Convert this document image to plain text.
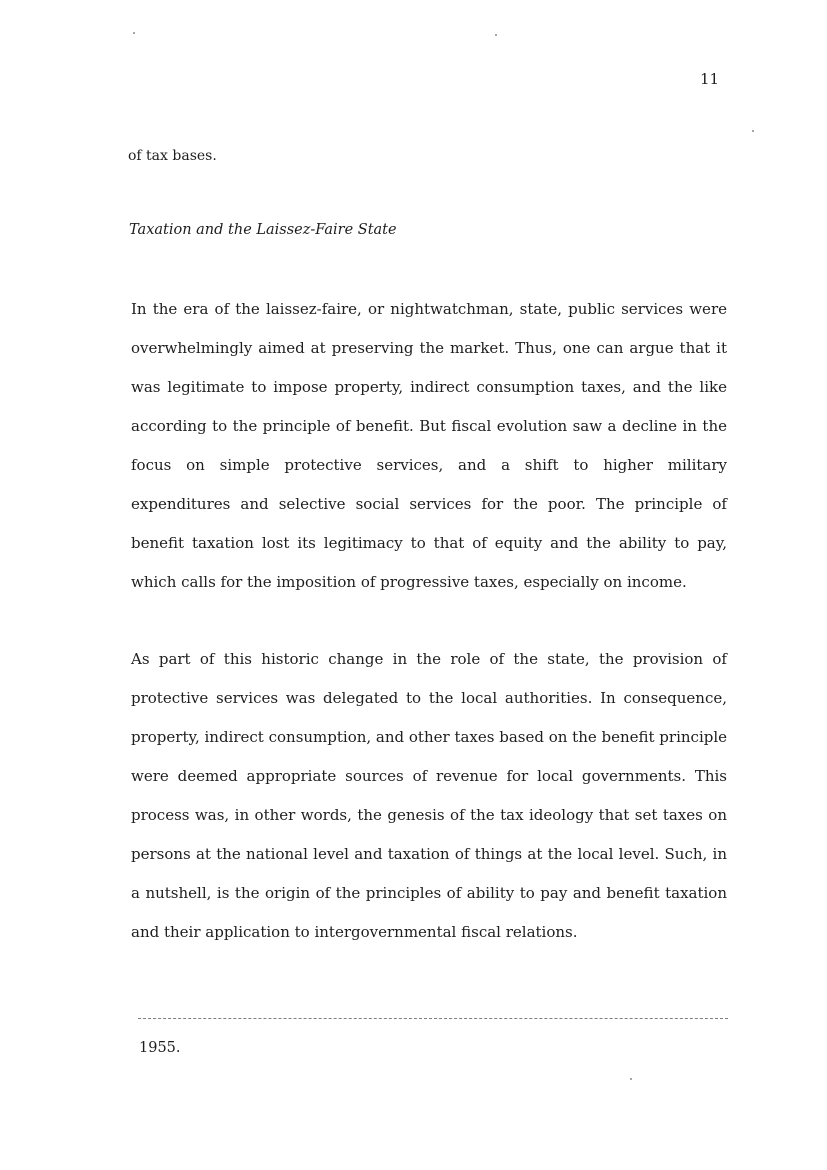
11
of tax bases.
Taxation and the Laissez-Faire State

In the era of the laissez-faire, or nightwatchman, state, public services were overwhelmingly aimed at preserving the market. Thus, one can argue that it was legitimate to impose property, indirect consumption taxes, and the like according to the principle of benefit. But fiscal evolution saw a decline in the focus on simple protective services, and a shift to higher military expenditures and selective social services for the poor. The principle of benefit taxation lost its legitimacy to that of equity and the ability to pay, which calls for the imposition of progressive taxes, especially on income.

As part of this historic change in the role of the state, the provision of protective services was delegated to the local authorities. In consequence, property, indirect consumption, and other taxes based on the benefit principle were deemed appropriate sources of revenue for local governments. This process was, in other words, the genesis of the tax ideology that set taxes on persons at the national level and taxation of things at the local level. Such, in a nutshell, is the origin of the principles of ability to pay and benefit taxation and their application to intergovernmental fiscal relations.

1955.
